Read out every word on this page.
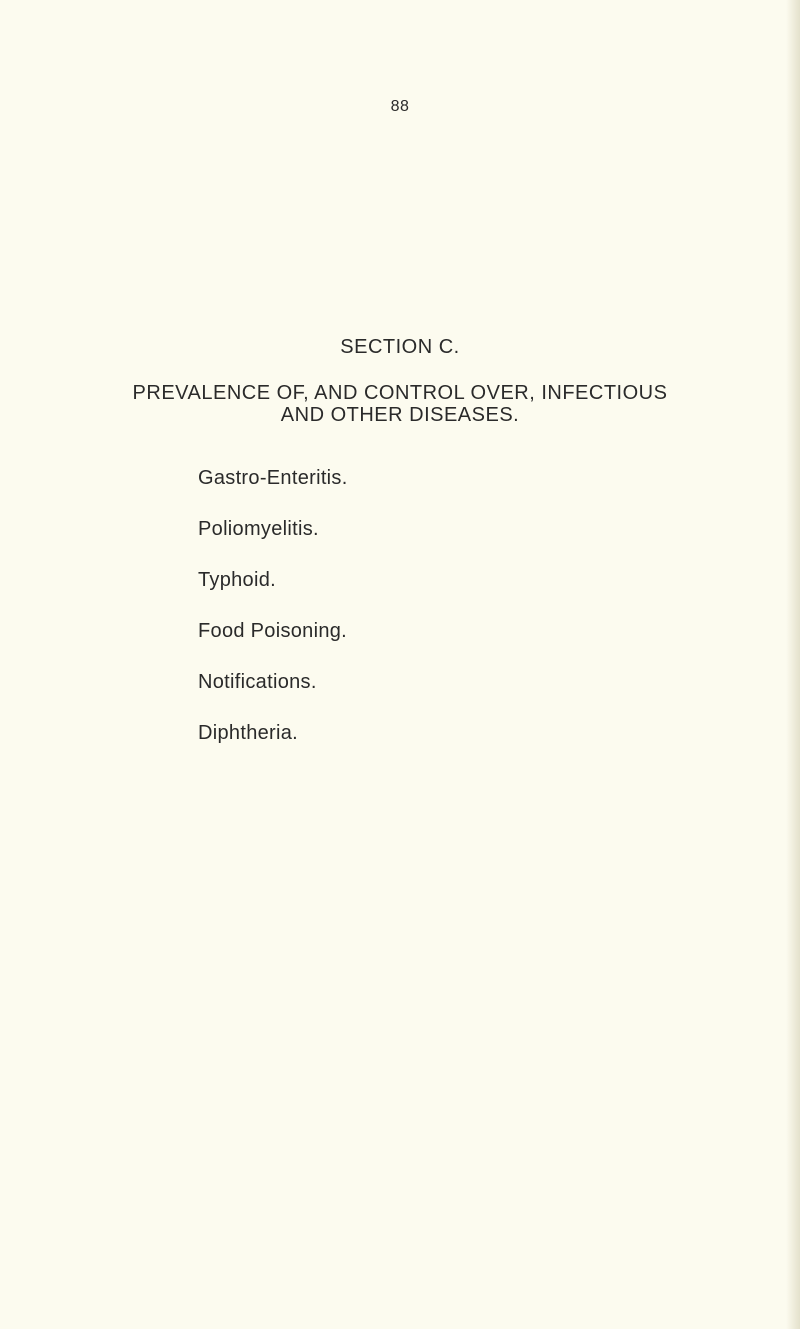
88
SECTION C.
PREVALENCE OF, AND CONTROL OVER, INFECTIOUS
AND OTHER DISEASES.
Gastro-Enteritis.
Poliomyelitis.
Typhoid.
Food Poisoning.
Notifications.
Diphtheria.
